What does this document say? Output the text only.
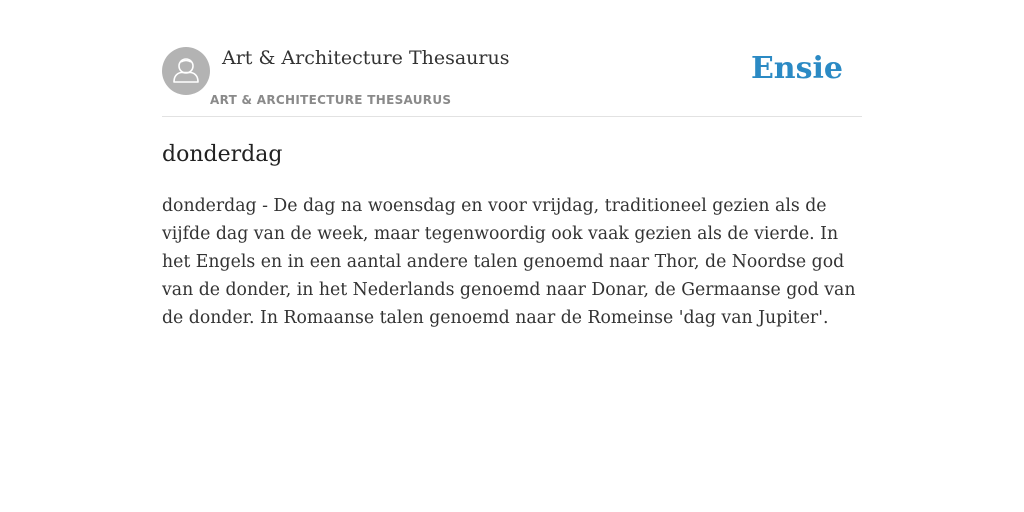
Art & Architecture Thesaurus
ART & ARCHITECTURE THESAURUS
Ensie
donderdag

donderdag - De dag na woensdag en voor vrijdag, traditioneel gezien als de vijfde dag van de week, maar tegenwoordig ook vaak gezien als de vierde. In het Engels en in een aantal andere talen genoemd naar Thor, de Noordse god van de donder, in het Nederlands genoemd naar Donar, de Germaanse god van de donder. In Romaanse talen genoemd naar de Romeinse 'dag van Jupiter'.
